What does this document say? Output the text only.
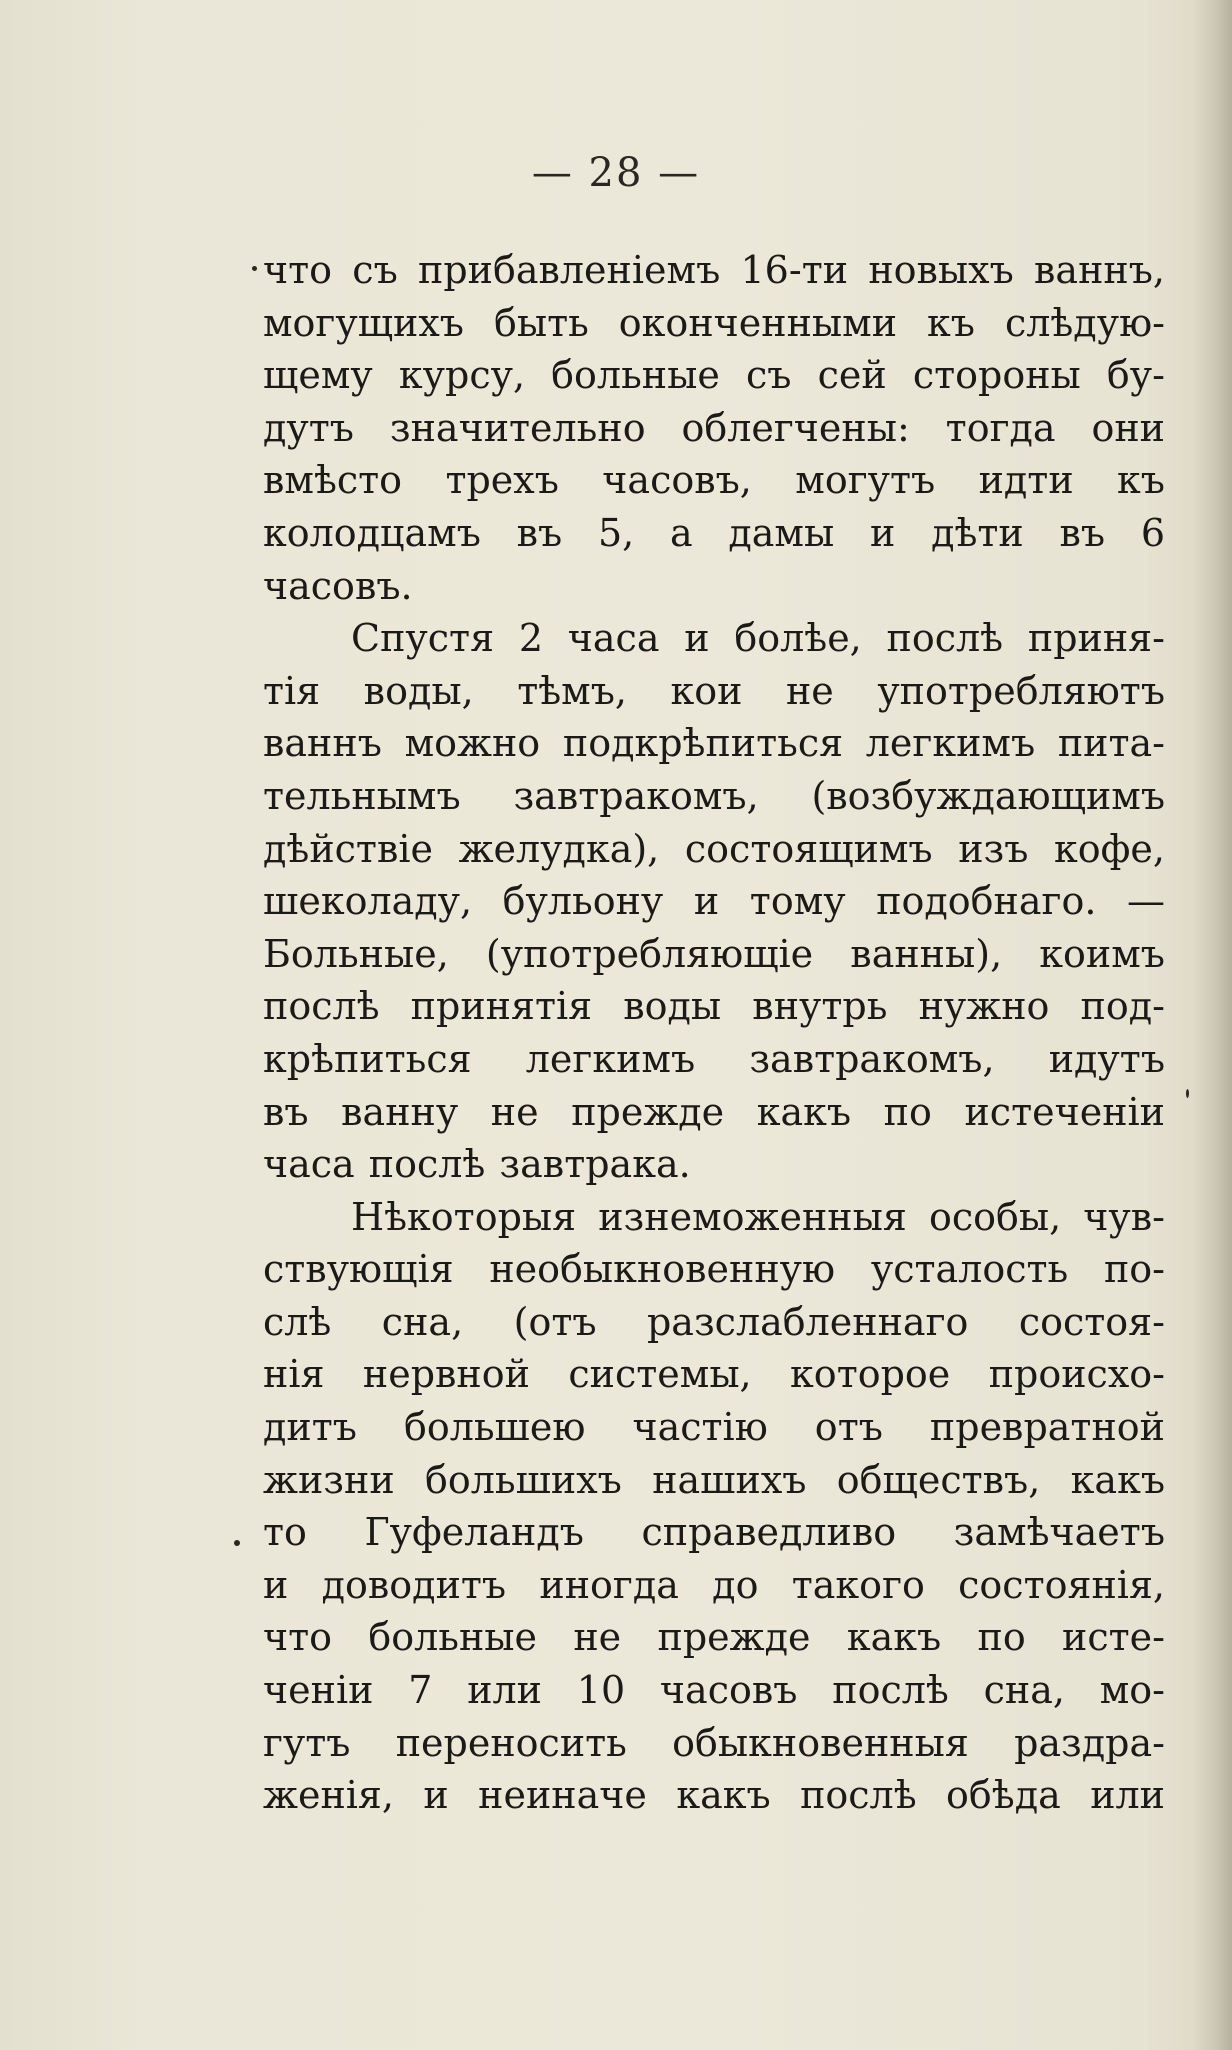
— 28 —
что съ прибавленіемъ 16-ти новыхъ ваннъ,
могущихъ быть оконченными къ слѣдую-
щему курсу, больные съ сей стороны бу-
дутъ значительно облегчены: тогда они
вмѣсто трехъ часовъ, могутъ идти къ
колодцамъ въ 5, а дамы и дѣти въ 6
часовъ.
Спустя 2 часа и болѣе, послѣ приня-
тія воды, тѣмъ, кои не употребляютъ
ваннъ можно подкрѣпиться легкимъ пита-
тельнымъ завтракомъ, (возбуждающимъ
дѣйствіе желудка), состоящимъ изъ кофе,
шеколаду, бульону и тому подобнаго. —
Больные, (употребляющіе ванны), коимъ
послѣ принятія воды внутрь нужно под-
крѣпиться легкимъ завтракомъ, идутъ
въ ванну не прежде какъ по истеченіи
часа послѣ завтрака.
Нѣкоторыя изнеможенныя особы, чув-
ствующія необыкновенную усталость по-
слѣ сна, (отъ разслабленнаго состоя-
нія нервной системы, которое происхо-
дитъ большею частію отъ превратной
жизни большихъ нашихъ обществъ, какъ
то Гуфеландъ справедливо замѣчаетъ
и доводитъ иногда до такого состоянія,
что больные не прежде какъ по исте-
ченіи 7 или 10 часовъ послѣ сна, мо-
гутъ переносить обыкновенныя раздра-
женія, и неиначе какъ послѣ обѣда или
